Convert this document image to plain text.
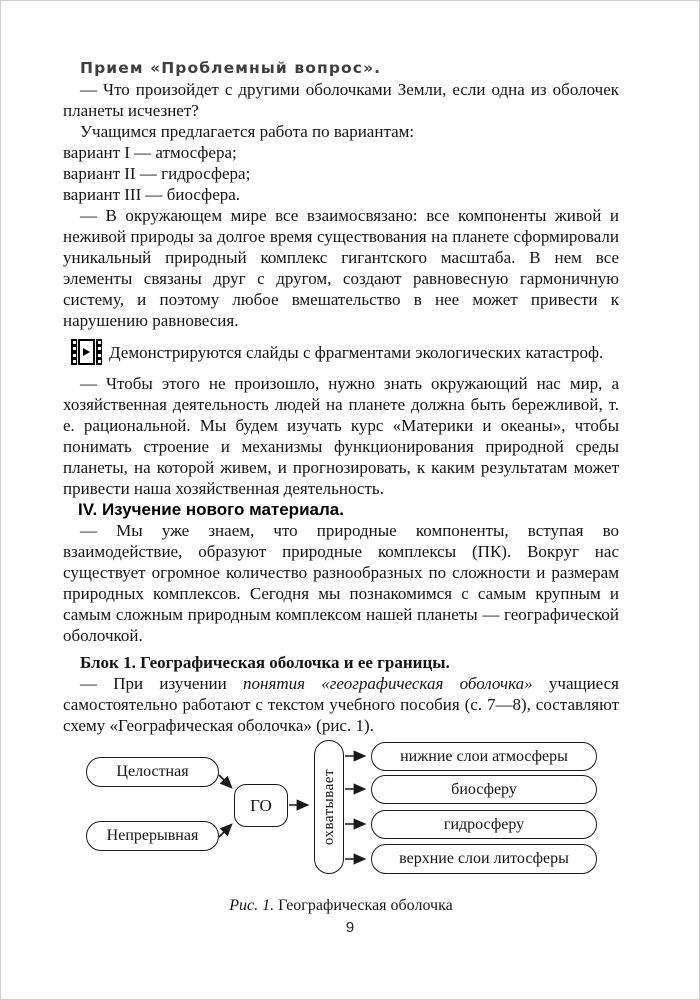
Прием «Проблемный вопрос».

— Что произойдет с другими оболочками Земли, если одна из оболочек планеты исчезнет?

Учащимся предлагается работа по вариантам:

вариант I — атмосфера;

вариант II — гидросфера;

вариант III — биосфера.

— В окружающем мире все взаимосвязано: все компоненты живой и неживой природы за долгое время существования на планете сформировали уникальный природный комплекс гигантского масштаба. В нем все элементы связаны друг с другом, создают равновесную гармоничную систему, и поэтому любое вмешательство в нее может привести к нарушению равновесия.

Демонстрируются слайды с фрагментами экологических катастроф.

— Чтобы этого не произошло, нужно знать окружающий нас мир, а хозяйственная деятельность людей на планете должна быть бережливой, т. е. рациональной. Мы будем изучать курс «Материки и океаны», чтобы понимать строение и механизмы функционирования природной среды планеты, на которой живем, и прогнозировать, к каким результатам может привести наша хозяйственная деятельность.

IV. Изучение нового материала.

— Мы уже знаем, что природные компоненты, вступая во взаимодействие, образуют природные комплексы (ПК). Вокруг нас существует огромное количество разнообразных по сложности и размерам природных комплексов. Сегодня мы познакомимся с самым крупным и самым сложным природным комплексом нашей планеты — географической оболочкой.

Блок 1. Географическая оболочка и ее границы.

— При изучении понятия «географическая оболочка» учащиеся самостоятельно работают с текстом учебного пособия (с. 7—8), составляют схему «Географическая оболочка» (рис. 1).

Целостная
Непрерывная
ГО	охватывает
нижние слои атмосферы
биосферу
гидросферу
верхние слои литосферы

Рис. 1. Географическая оболочка

9
